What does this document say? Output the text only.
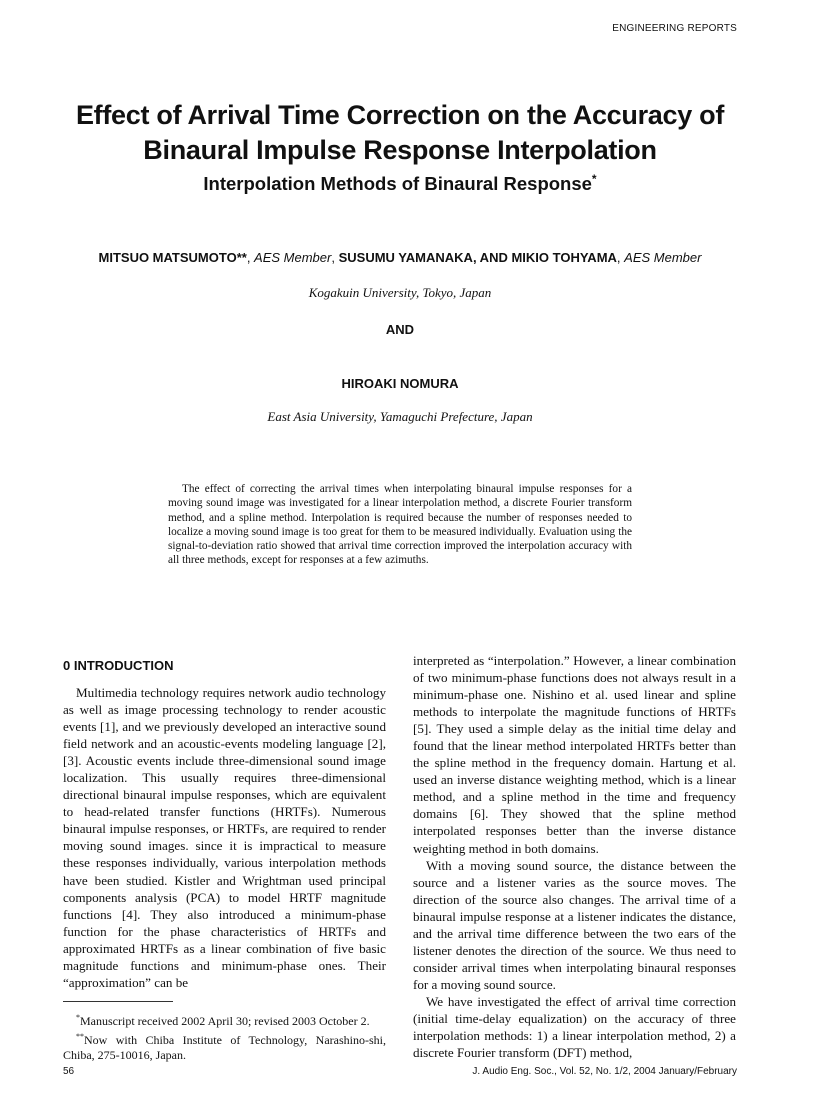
ENGINEERING REPORTS
Effect of Arrival Time Correction on the Accuracy of
Binaural Impulse Response Interpolation
Interpolation Methods of Binaural Response*
MITSUO MATSUMOTO**, AES Member, SUSUMU YAMANAKA, AND MIKIO TOHYAMA, AES Member
Kogakuin University, Tokyo, Japan
AND
HIROAKI NOMURA
East Asia University, Yamaguchi Prefecture, Japan
The effect of correcting the arrival times when interpolating binaural impulse responses for a moving sound image was investigated for a linear interpolation method, a discrete Fourier transform method, and a spline method. Interpolation is required because the number of responses needed to localize a moving sound image is too great for them to be measured individually. Evaluation using the signal-to-deviation ratio showed that arrival time correction improved the interpolation accuracy with all three methods, except for responses at a few azimuths.
0 INTRODUCTION

Multimedia technology requires network audio technology as well as image processing technology to render acoustic events [1], and we previously developed an interactive sound field network and an acoustic-events modeling language [2], [3]. Acoustic events include three-dimensional sound image localization. This usually requires three-dimensional directional binaural impulse responses, which are equivalent to head-related transfer functions (HRTFs). Numerous binaural impulse responses, or HRTFs, are required to render moving sound images. since it is impractical to measure these responses individually, various interpolation methods have been studied. Kistler and Wrightman used principal components analysis (PCA) to model HRTF magnitude functions [4]. They also introduced a minimum-phase function for the phase characteristics of HRTFs and approximated HRTFs as a linear combination of five basic magnitude functions and minimum-phase ones. Their “approximation” can be

interpreted as “interpolation.” However, a linear combination of two minimum-phase functions does not always result in a minimum-phase one. Nishino et al. used linear and spline methods to interpolate the magnitude functions of HRTFs [5]. They used a simple delay as the initial time delay and found that the linear method interpolated HRTFs better than the spline method in the frequency domain. Hartung et al. used an inverse distance weighting method, which is a linear method, and a spline method in the time and frequency domains [6]. They showed that the spline method interpolated responses better than the inverse distance weighting method in both domains.

With a moving sound source, the distance between the source and a listener varies as the source moves. The direction of the source also changes. The arrival time of a binaural impulse response at a listener indicates the distance, and the arrival time difference between the two ears of the listener denotes the direction of the source. We thus need to consider arrival times when interpolating binaural responses for a moving sound source.

We have investigated the effect of arrival time correction (initial time-delay equalization) on the accuracy of three interpolation methods: 1) a linear interpolation method, 2) a discrete Fourier transform (DFT) method,

*Manuscript received 2002 April 30; revised 2003 October 2.

**Now with Chiba Institute of Technology, Narashino-shi, Chiba, 275-10016, Japan.

56	J. Audio Eng. Soc., Vol. 52, No. 1/2, 2004 January/February
